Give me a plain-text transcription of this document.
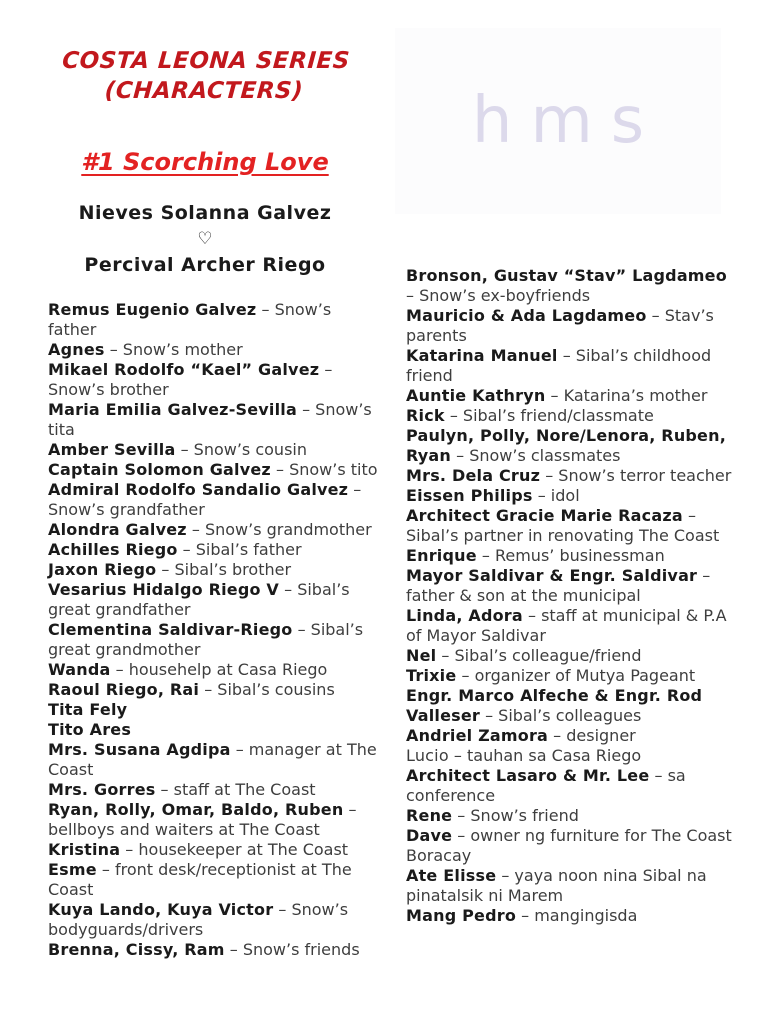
COSTA LEONA SERIES
(CHARACTERS)	hms
#1 Scorching Love
Nieves Solanna Galvez
♡
Percival Archer Riego
Remus Eugenio Galvez – Snow’s father
Agnes – Snow’s mother
Mikael Rodolfo “Kael” Galvez – Snow’s brother
Maria Emilia Galvez-Sevilla – Snow’s tita
Amber Sevilla – Snow’s cousin
Captain Solomon Galvez – Snow’s tito
Admiral Rodolfo Sandalio Galvez – Snow’s grandfather
Alondra Galvez – Snow’s grandmother
Achilles Riego – Sibal’s father
Jaxon Riego – Sibal’s brother
Vesarius Hidalgo Riego V – Sibal’s great grandfather
Clementina Saldivar-Riego – Sibal’s great grandmother
Wanda – househelp at Casa Riego
Raoul Riego, Rai – Sibal’s cousins
Tita Fely
Tito Ares
Mrs. Susana Agdipa – manager at The Coast
Mrs. Gorres – staff at The Coast
Ryan, Rolly, Omar, Baldo, Ruben – bellboys and waiters at The Coast
Kristina – housekeeper at The Coast
Esme – front desk/receptionist at The Coast
Kuya Lando, Kuya Victor – Snow’s bodyguards/drivers
Brenna, Cissy, Ram – Snow’s friends
Bronson, Gustav “Stav” Lagdameo – Snow’s ex-boyfriends
Mauricio & Ada Lagdameo – Stav’s parents
Katarina Manuel – Sibal’s childhood friend
Auntie Kathryn – Katarina’s mother
Rick – Sibal’s friend/classmate
Paulyn, Polly, Nore/Lenora, Ruben, Ryan – Snow’s classmates
Mrs. Dela Cruz – Snow’s terror teacher
Eissen Philips – idol
Architect Gracie Marie Racaza – Sibal’s partner in renovating The Coast
Enrique – Remus’ businessman
Mayor Saldivar & Engr. Saldivar – father & son at the municipal
Linda, Adora – staff at municipal & P.A of Mayor Saldivar
Nel – Sibal’s colleague/friend
Trixie – organizer of Mutya Pageant
Engr. Marco Alfeche & Engr. Rod Valleser – Sibal’s colleagues
Andriel Zamora – designer
Lucio – tauhan sa Casa Riego
Architect Lasaro & Mr. Lee – sa conference
Rene – Snow’s friend
Dave – owner ng furniture for The Coast Boracay
Ate Elisse – yaya noon nina Sibal na pinatalsik ni Marem
Mang Pedro – mangingisda
